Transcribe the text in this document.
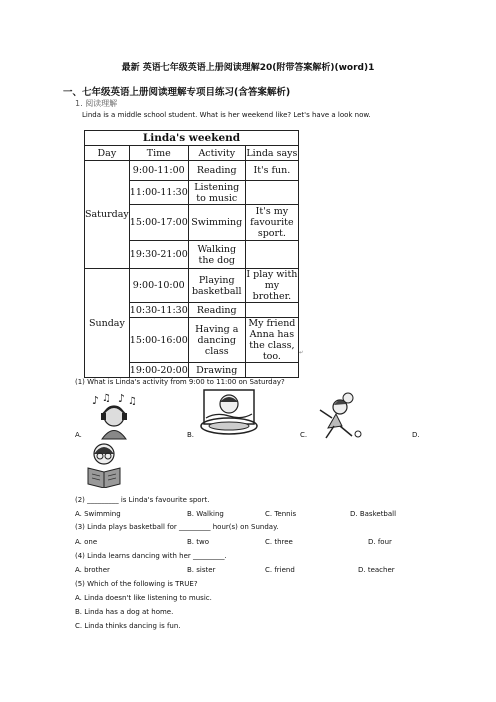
最新 英语七年级英语上册阅读理解20(附带答案解析)(word)1
一、七年级英语上册阅读理解专项目练习(含答案解析)
1. 阅读理解
Linda is a middle school student. What is her weekend like? Let's have a look now.
Linda's weekend			
Day	Time	Activity	Linda says
Saturday	9:00-11:00	Reading	It's fun.
	11:00-11:30	Listening to music	
	15:00-17:00	Swimming	It's my favourite sport.
	19:30-21:00	Walking the dog	
Sunday	9:00-10:00	Playing basketball	I play with my brother.
	10:30-11:30	Reading	
	15:00-16:00	Having a dancing class	My friend Anna has the class, too.
	19:00-20:00	Drawing	
↵
(1) What is Linda's activity from 9:00 to 11:00 on Saturday?
A.
♪ ♫ ♪ ♫
B.	C.	D.
(2) _________ is Linda's favourite sport.
A. Swimming	B. Walking	C. Tennis	D. Basketball
(3) Linda plays basketball for _________ hour(s) on Sunday.
A. one	B. two	C. three	D. four
(4) Linda learns dancing with her _________.
A. brother	B. sister	C. friend	D. teacher
(5) Which of the following is TRUE?
A. Linda doesn't like listening to music.
B. Linda has a dog at home.
C. Linda thinks dancing is fun.
